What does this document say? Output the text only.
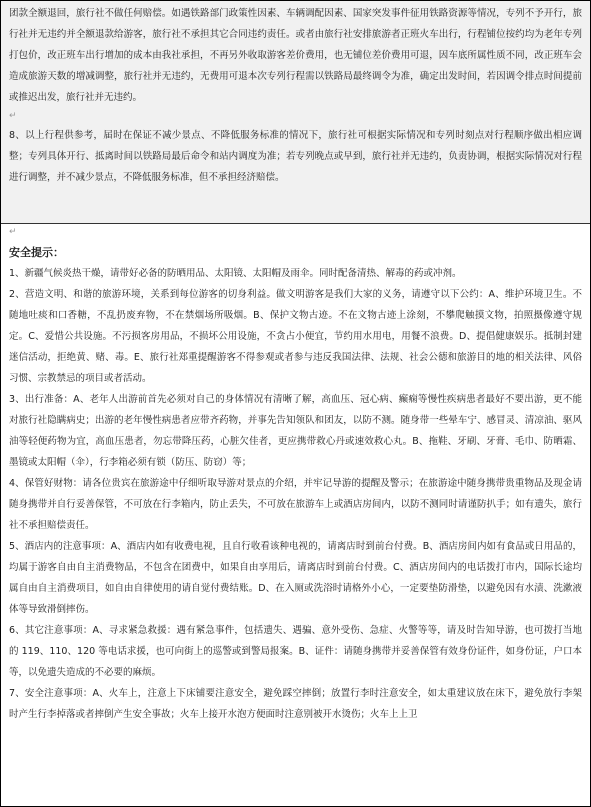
团款全额退回，旅行社不做任何赔偿。如遇铁路部门政策性因素、车辆调配因素、国家突发事件征用铁路资源等情况，专列不予开行，旅行社并无违约并全额退款给游客，旅行社不承担其它合同违约责任。或者由旅行社安排旅游者正班火车出行，行程铺位按约均为老年专列打包价，改正班车出行增加的成本由我社承担，不再另外收取游客差价费用，也无铺位差价费用可退，因车底所属性质不同，改正班车会造成旅游天数的增减调整，旅行社并无违约，无费用可退本次专列行程需以铁路局最终调令为准，确定出发时间，若因调令排点时间提前或推迟出发，旅行社并无违约。

↵

8、以上行程供参考，届时在保证不减少景点、不降低服务标准的情况下，旅行社可根据实际情况和专列时刻点对行程顺序做出相应调整；专列具体开行、抵离时间以铁路局最后命令和站内调度为准；若专列晚点或早到，旅行社并无违约，负责协调，根据实际情况对行程进行调整，并不减少景点，不降低服务标准，但不承担经济赔偿。

↵

安全提示：

1、新疆气候炎热干燥，请带好必备的防晒用品、太阳镜、太阳帽及雨伞。同时配备清热、解毒的药或冲剂。

2、营造文明、和谐的旅游环境，关系到每位游客的切身利益。做文明游客是我们大家的义务，请遵守以下公约：A、维护环境卫生。不随地吐痰和口香糖，不乱扔废弃物，不在禁烟场所吸烟。B、保护文物古迹。不在文物古迹上涂刻，不攀爬触摸文物，拍照摄像遵守规定。C、爱惜公共设施。不污损客房用品，不损坏公用设施，不贪占小便宜，节约用水用电，用餐不浪费。D、提倡健康娱乐。抵制封建迷信活动，拒绝黄、赌、毒。E、旅行社郑重提醒游客不得参观或者参与违反我国法律、法规、社会公德和旅游目的地的相关法律、风俗习惯、宗教禁忌的项目或者活动。

3、出行准备：A、老年人出游前首先必须对自己的身体情况有清晰了解，高血压、冠心病、癫痫等慢性疾病患者最好不要出游，更不能对旅行社隐瞒病史；出游的老年慢性病患者应带齐药物，并事先告知领队和团友，以防不测。随身带一些晕车宁、感冒灵、清凉油、驱风油等轻便药物为宜，高血压患者，勿忘带降压药，心脏欠佳者，更应携带救心丹或速效救心丸。B、拖鞋、牙刷、牙膏、毛巾、防晒霜、墨镜或太阳帽（伞），行李箱必须有锁（防压、防窃）等；

4、保管好财物：请各位贵宾在旅游途中仔细听取导游对景点的介绍，并牢记导游的提醒及警示；在旅游途中随身携带贵重物品及现金请随身携带并自行妥善保管，不可放在行李箱内，防止丢失，不可放在旅游车上或酒店房间内，以防不测同时请谨防扒手；如有遗失，旅行社不承担赔偿责任。

5、酒店内的注意事项：A、酒店内如有收费电视，且自行收看该种电视的，请离店时到前台付费。B、酒店房间内如有食品或日用品的，均属于游客自由自主消费物品，不包含在团费中，如果自由享用后，请离店时到前台付费。C、酒店房间内的电话拨打市内，国际长途均属自由自主消费项目，如自由自律使用的请自觉付费结账。D、在入厕或洗浴时请格外小心，一定要垫防滑垫，以避免因有水渍、洗漱液体等导致滑倒摔伤。

6、其它注意事项：A、寻求紧急救援：遇有紧急事件，包括遗失、遇骗、意外受伤、急症、火警等等，请及时告知导游，也可拨打当地的 119、110、120 等电话求援，也可向街上的巡警或到警局报案。B、证件：请随身携带并妥善保管有效身份证件，如身份证，户口本等，以免遗失造成的不必要的麻烦。

7、安全注意事项：A、火车上，注意上下床铺要注意安全，避免踩空摔倒；放置行李时注意安全，如太重建议放在床下，避免放行李架时产生行李掉落或者摔倒产生安全事故；火车上接开水泡方便面时注意别被开水烫伤；火车上上卫
